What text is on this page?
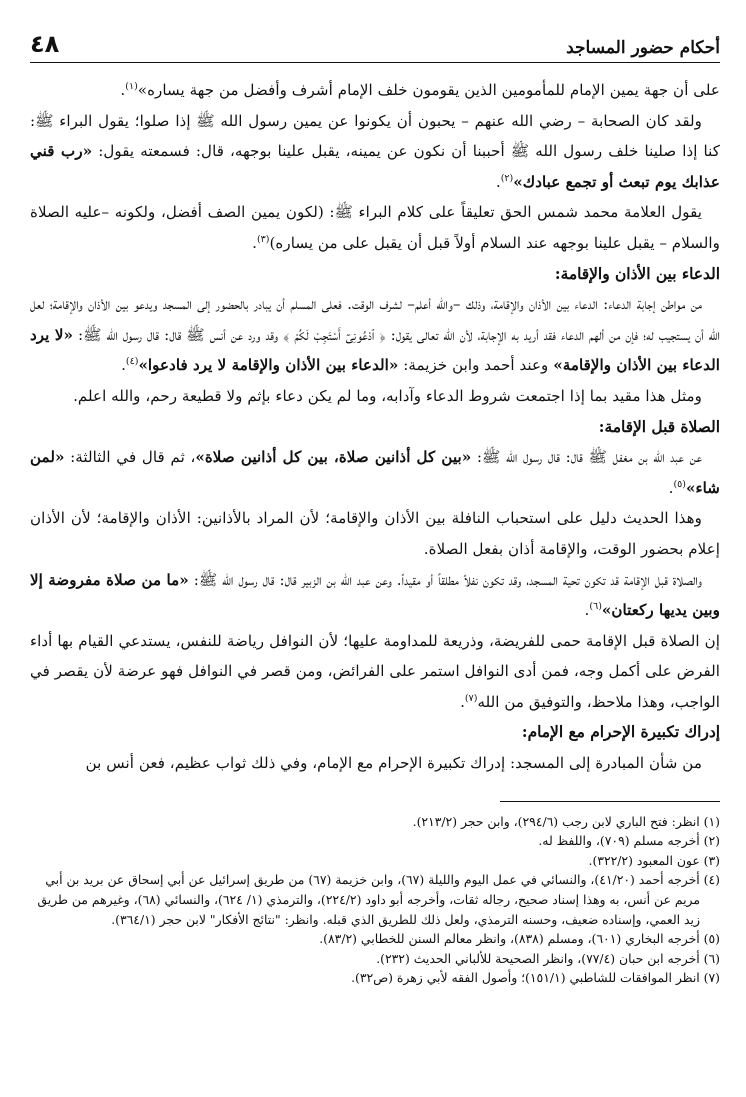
أحكام حضور المساجد
٤٨

على أن جهة يمين الإمام للمأمومين الذين يقومون خلف الإمام أشرف وأفضل من جهة يساره»$^{(١)}$.

ولقد كان الصحابة – رضي الله عنهم – يحبون أن يكونوا عن يمين رسول الله ﷺ إذا صلوا؛ يقول البراء ﷺ: كنا إذا صلينا خلف رسول الله ﷺ أحببنا أن نكون عن يمينه، يقبل علينا بوجهه، قال: فسمعته يقول: «رب قني عذابك يوم تبعث أو تجمع عبادك»$^{(٢)}$.

يقول العلامة محمد شمس الحق تعليقاً على كلام البراء ﷺ: (لكون يمين الصف أفضل، ولكونه –عليه الصلاة والسلام – يقبل علينا بوجهه عند السلام أولاً قبل أن يقبل على من يساره)$^{(٣)}$.

الدعاء بين الأذان والإقامة:

من مواطن إجابة الدعاء: الدعاء بين الأذان والإقامة، وذلك –والله أعلم– لشرف الوقت. فعلى المسلم أن يبادر بالحضور إلى المسجد ويدعو بين الأذان والإقامة؛ لعل الله أن يستجيب له؛ فإن من ألهم الدعاء فقد أريد به الإجابة، لأن الله تعالى يقول: ﴿ ٱدْعُونِىٓ أَسْتَجِبْ لَكُمْ ﴾ وقد ورد عن أنس ﷺ قال: قال رسول الله ﷺ: «لا يرد الدعاء بين الأذان والإقامة» وعند أحمد وابن خزيمة: «الدعاء بين الأذان والإقامة لا يرد فادعوا»$^{(٤)}$.

ومثل هذا مقيد بما إذا اجتمعت شروط الدعاء وآدابه، وما لم يكن دعاء بإثم ولا قطيعة رحم، والله اعلم.

الصلاة قبل الإقامة:

عن عبد الله بن مغفل ﷺ قال: قال رسول الله ﷺ: «بين كل أذانين صلاة، بين كل أذانين صلاة»، ثم قال في الثالثة: «لمن شاء»$^{(٥)}$.

وهذا الحديث دليل على استحباب النافلة بين الأذان والإقامة؛ لأن المراد بالأذانين: الأذان والإقامة؛ لأن الأذان إعلام بحضور الوقت، والإقامة أذان بفعل الصلاة.

والصلاة قبل الإقامة قد تكون تحية المسجد، وقد تكون نفلاً مطلقاً أو مقيداً. وعن عبد الله بن الزبير قال: قال رسول الله ﷺ: «ما من صلاة مفروضة إلا وبين يديها ركعتان»$^{(٦)}$.

إن الصلاة قبل الإقامة حمى للفريضة، وذريعة للمداومة عليها؛ لأن النوافل رياضة للنفس، يستدعي القيام بها أداء الفرض على أكمل وجه، فمن أدى النوافل استمر على الفرائض، ومن قصر في النوافل فهو عرضة لأن يقصر في الواجب، وهذا ملاحظ، والتوفيق من الله$^{(٧)}$.

إدراك تكبيرة الإحرام مع الإمام:

من شأن المبادرة إلى المسجد: إدراك تكبيرة الإحرام مع الإمام، وفي ذلك ثواب عظيم، فعن أنس بن

(١) انظر: فتح الباري لابن رجب (٢٩٤/٦)، وابن حجر (٢١٣/٢).

(٢) أخرجه مسلم (٧٠٩)، واللفظ له.

(٣) عون المعبود (٣٢٢/٢).

(٤) أخرجه أحمد (٤١/٢٠)، والنسائي في عمل اليوم والليلة (٦٧)، وابن خزيمة (٦٧) من طريق إسرائيل عن أبي إسحاق عن بريد بن أبي مريم عن أنس، به وهذا إسناد صحيح، رجاله ثقات، وأخرجه أبو داود (٢٢٤/٢)، والترمذي (١/ ٦٢٤)، والنسائي (٦٨)، وغيرهم من طريق زيد العمي، وإسناده ضعيف، وحسنه الترمذي، ولعل ذلك للطريق الذي قبله. وانظر: "نتائج الأفكار" لابن حجر (٣٦٤/١).

(٥) أخرجه البخاري (٦٠١)، ومسلم (٨٣٨)، وانظر معالم السنن للخطابي (٨٣/٢).

(٦) أخرجه ابن حبان (٧٧/٤)، وانظر الصحيحة للألباني الحديث (٢٣٢).

(٧) انظر الموافقات للشاطبي (١٥١/١)؛ وأصول الفقه لأبي زهرة (ص٣٢).
